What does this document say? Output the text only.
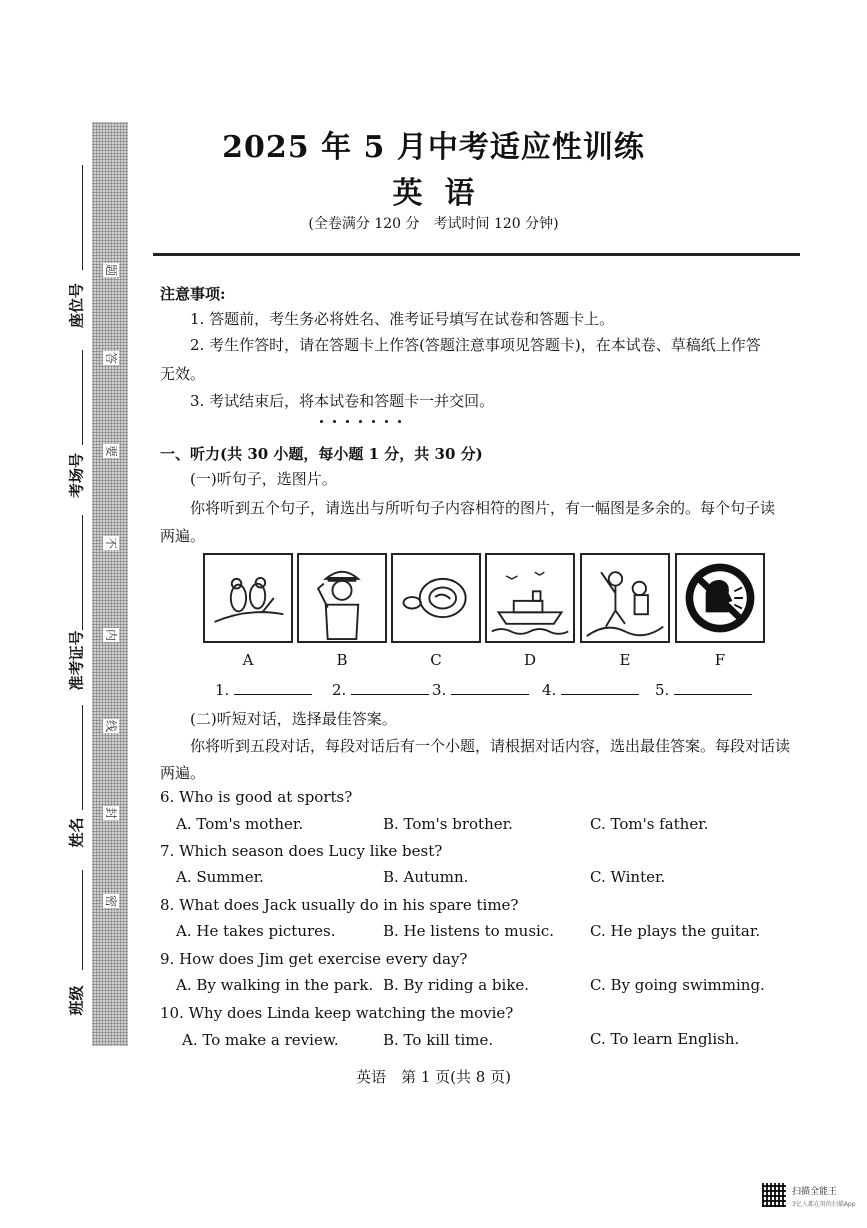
题
答
要
不
内
线
封
密
座位号
考场号
准考证号
姓名
班级
2025 年 5 月中考适应性训练
英语
(全卷满分 120 分　考试时间 120 分钟)
注意事项:
1. 答题前，考生务必将姓名、准考证号填写在试卷和答题卡上。
2. 考生作答时，请在答题卡上作答(答题注意事项见答题卡)，在本试卷、草稿纸上作答
无效。
3. 考试结束后，将本试卷和答题卡一并交回。
一、听力(共 30 小题，每小题 1 分，共 30 分)
(一)听句子，选图片。
你将听到五个句子，请选出与所听句子内容相符的图片，有一幅图是多余的。每个句子读
两遍。
A	B	C	D	E	F
1.	2.	3.	4.	5.
(二)听短对话，选择最佳答案。
你将听到五段对话，每段对话后有一个小题，请根据对话内容，选出最佳答案。每段对话读
两遍。
6. Who is good at sports?
A. Tom's mother.	B. Tom's brother.	C. Tom's father.
7. Which season does Lucy like best?
A. Summer.	B. Autumn.	C. Winter.
8. What does Jack usually do in his spare time?
A. He takes pictures.	B. He listens to music. C. He plays the guitar.
9. How does Jim get exercise every day?
A. By walking in the park. B. By riding a bike.	C. By going swimming.
10. Why does Linda keep watching the movie?
A. To make a review.	B. To kill time.	C. To learn English.
英语　第 1 页(共 8 页)
扫描全能王
3亿人都在用的扫描App
